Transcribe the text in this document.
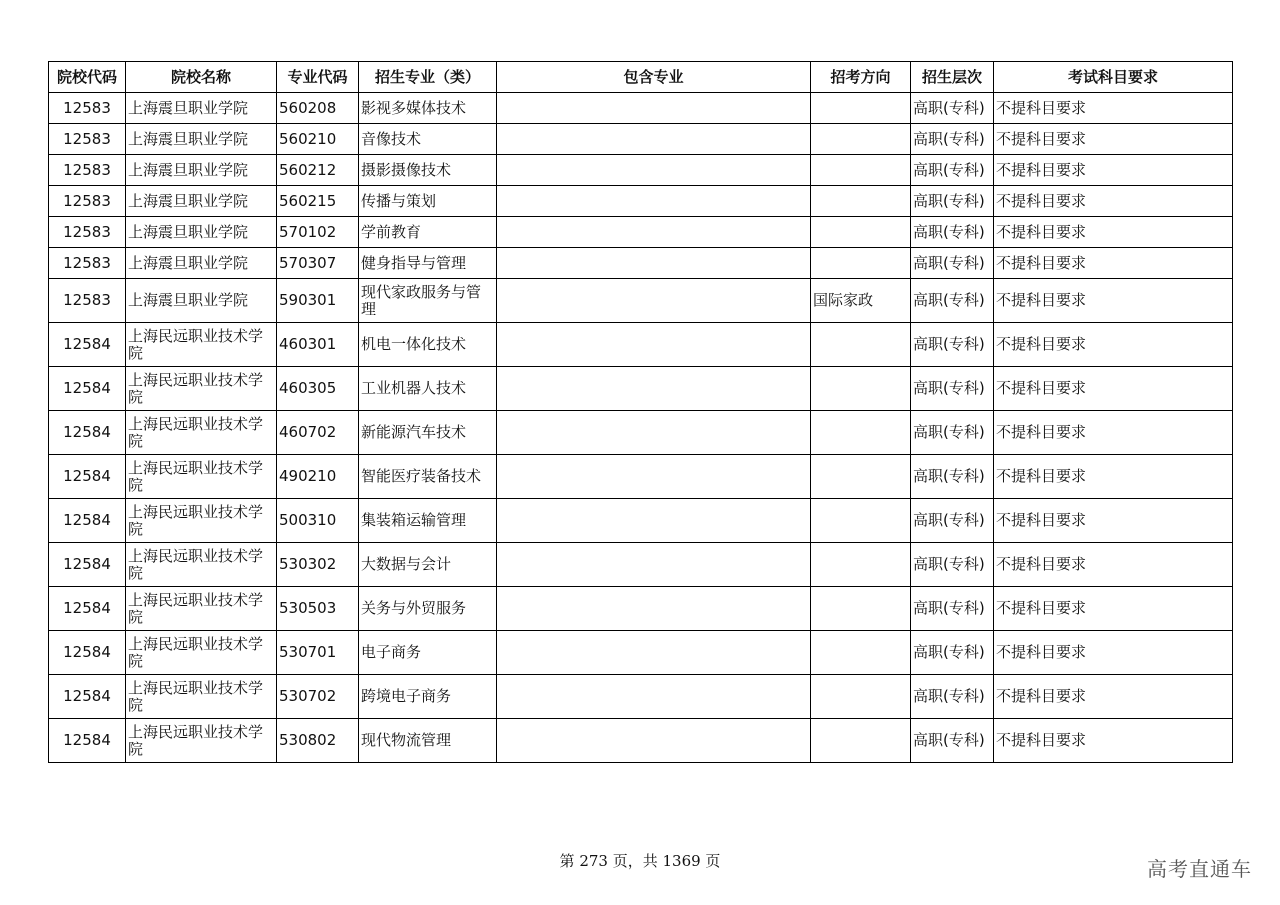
院校代码	院校名称	专业代码	招生专业（类）	包含专业	招考方向	招生层次	考试科目要求
12583	上海震旦职业学院	560208	影视多媒体技术			高职(专科)	不提科目要求
12583	上海震旦职业学院	560210	音像技术			高职(专科)	不提科目要求
12583	上海震旦职业学院	560212	摄影摄像技术			高职(专科)	不提科目要求
12583	上海震旦职业学院	560215	传播与策划			高职(专科)	不提科目要求
12583	上海震旦职业学院	570102	学前教育			高职(专科)	不提科目要求
12583	上海震旦职业学院	570307	健身指导与管理			高职(专科)	不提科目要求
12583	上海震旦职业学院	590301	现代家政服务与管理		国际家政	高职(专科)	不提科目要求
12584	上海民远职业技术学院	460301	机电一体化技术			高职(专科)	不提科目要求
12584	上海民远职业技术学院	460305	工业机器人技术			高职(专科)	不提科目要求
12584	上海民远职业技术学院	460702	新能源汽车技术			高职(专科)	不提科目要求
12584	上海民远职业技术学院	490210	智能医疗装备技术			高职(专科)	不提科目要求
12584	上海民远职业技术学院	500310	集装箱运输管理			高职(专科)	不提科目要求
12584	上海民远职业技术学院	530302	大数据与会计			高职(专科)	不提科目要求
12584	上海民远职业技术学院	530503	关务与外贸服务			高职(专科)	不提科目要求
12584	上海民远职业技术学院	530701	电子商务			高职(专科)	不提科目要求
12584	上海民远职业技术学院	530702	跨境电子商务			高职(专科)	不提科目要求
12584	上海民远职业技术学院	530802	现代物流管理			高职(专科)	不提科目要求
第 273 页，共 1369 页	高考直通车
